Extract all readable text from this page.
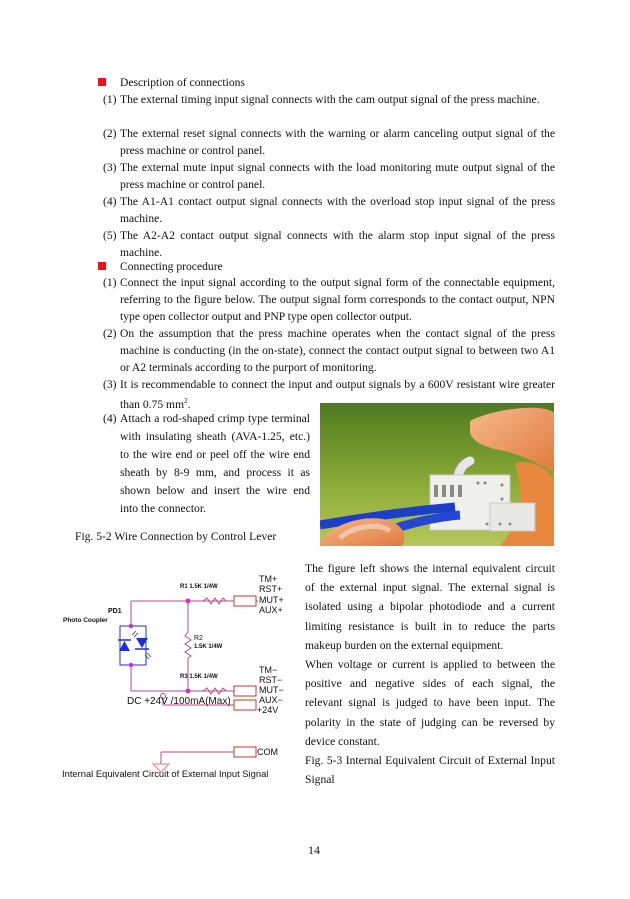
Description of connections
(1) The external timing input signal connects with the cam output signal of the press machine.
(2) The external reset signal connects with the warning or alarm canceling output signal of the press machine or control panel.
(3) The external mute input signal connects with the load monitoring mute output signal of the press machine or control panel.
(4) The A1-A1 contact output signal connects with the overload stop input signal of the press machine.
(5) The A2-A2 contact output signal connects with the alarm stop input signal of the press machine.
Connecting procedure
(1) Connect the input signal according to the output signal form of the connectable equipment, referring to the figure below. The output signal form corresponds to the contact output, NPN type open collector output and PNP type open collector output.
(2) On the assumption that the press machine operates when the contact signal of the press machine is conducting (in the on-state), connect the contact output signal to between two A1 or A2 terminals according to the purport of monitoring.
(3) It is recommendable to connect the input and output signals by a 600V resistant wire greater than 0.75 $mm^2$.
(4) Attach a rod-shaped crimp type terminal with insulating sheath (AVA-1.25, etc.) to the wire end or peel off the wire end sheath by 8-9 mm, and process it as shown below and insert the wire end into the connector.
Fig. 5-2 Wire Connection by Control Lever
PD1
Photo Coupler
R1 1.5K 1/4W
R2
1.5K 1/4W
R3 1.5K 1/4W
TM+
RST+
MUT+
AUX+
TM−
RST−
MUT−
AUX−
DC +24V /100mA(Max)
+24V
COM
Internal Equivalent Circuit of External Input Signal

The figure left shows the internal equivalent circuit of the external input signal. The external signal is isolated using a bipolar photodiode and a current limiting resistance is built in to reduce the parts makeup burden on the external equipment.

When voltage or current is applied to between the positive and negative sides of each signal, the relevant signal is judged to have been input. The polarity in the state of judging can be reversed by device constant.

Fig. 5-3 Internal Equivalent Circuit of External Input Signal

14
